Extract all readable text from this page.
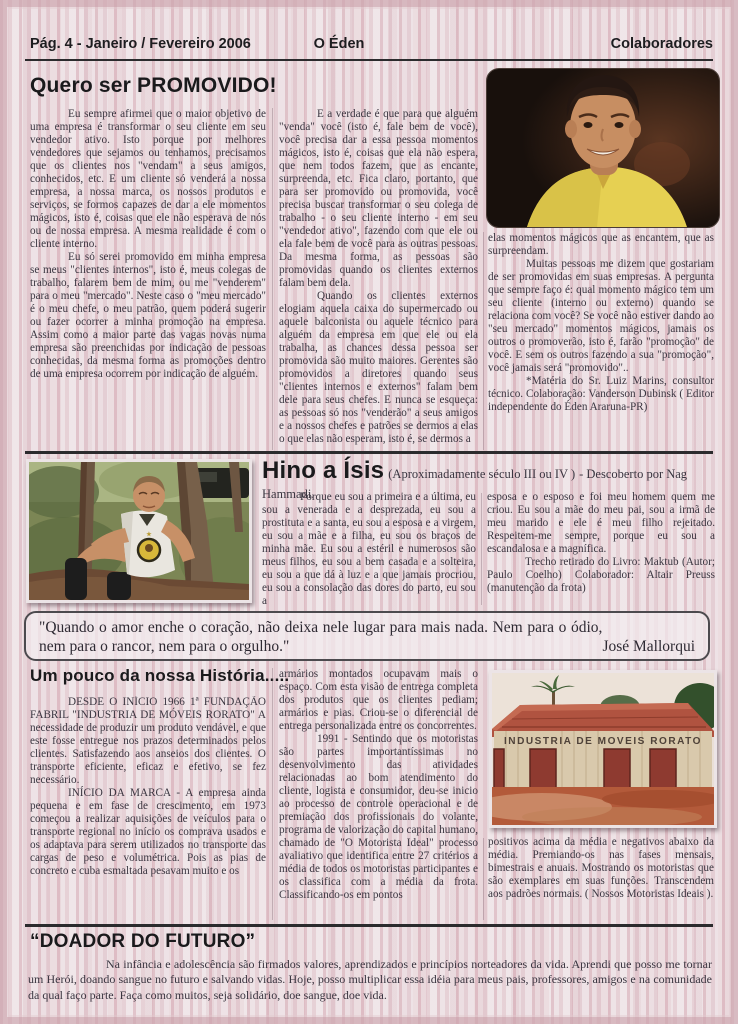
Pág. 4 - Janeiro / Fevereiro 2006	O Éden	Colaboradores
Quero ser PROMOVIDO!

Eu sempre afirmei que o maior objetivo de uma empresa é transformar o seu cliente em seu vendedor ativo. Isto porque por melhores vendedores que sejamos ou tenhamos, precisamos que os clientes nos "vendam" a seus amigos, conhecidos, etc. E um cliente só venderá a nossa empresa, a nossa marca, os nossos produtos e serviços, se formos capazes de dar a ele momentos mágicos, isto é, coisas que ele não esperava de nós ou de nossa empresa. A mesma realidade é com o cliente interno.

Eu só serei promovido em minha empresa se meus "clientes internos", isto é, meus colegas de trabalho, falarem bem de mim, ou me "venderem" para o meu "mercado". Neste caso o "meu mercado" é o meu chefe, o meu patrão, quem poderá sugerir ou fazer ocorrer a minha promoção na empresa. Assim como a maior parte das vagas novas numa empresa são preenchidas por indicação de pessoas conhecidas, da mesma forma as promoções dentro de uma empresa ocorrem por indicação de alguém.

E a verdade é que para que alguém "venda" você (isto é, fale bem de você), você precisa dar a essa pessoa momentos mágicos, isto é, coisas que ela não espera, que nem todos fazem, que as encante, surpreenda, etc. Fica claro, portanto, que para ser promovido ou promovida, você precisa buscar transformar o seu colega de trabalho - o seu cliente interno - em seu "vendedor ativo", fazendo com que ele ou ela fale bem de você para as outras pessoas. Da mesma forma, as pessoas são promovidas quando os clientes externos falam bem dela.

Quando os clientes externos elogiam aquela caixa do supermercado ou aquele balconista ou aquele técnico para alguém da empresa em que ele ou ela trabalha, as chances dessa pessoa ser promovida são muito maiores. Gerentes são promovidos a diretores quando seus "clientes internos e externos" falam bem dele para seus chefes. E nunca se esqueça: as pessoas só nos "venderão" a seus amigos e a nossos chefes e patrões se dermos a elas o que elas não esperam, isto é, se dermos a

elas momentos mágicos que as encantem, que as surpreendam.

Muitas pessoas me dizem que gostariam de ser promovidas em suas empresas. A pergunta que sempre faço é: qual momento mágico tem um seu cliente (interno ou externo) quando se relaciona com você? Se você não estiver dando ao "seu mercado" momentos mágicos, jamais os outros o promoverão, isto é, farão "promoção" de você. E sem os outros fazendo a sua "promoção", você jamais será "promovido"..

*Matéria do Sr. Luiz Marins, consultor técnico. Colaboração: Vanderson Dubinsk ( Editor independente do Éden Araruna-PR)

★
Hino a Ísis (Aproximadamente século III ou IV ) - Descoberto por Nag Hammadi.

Porque eu sou a primeira e a última, eu sou a venerada e a desprezada, eu sou a prostituta e a santa, eu sou a esposa e a virgem, eu sou a mãe e a filha, eu sou os braços de minha mãe. Eu sou a estéril e numerosos são meus filhos, eu sou a bem casada e a solteira, eu sou a que dá à luz e a que jamais procriou, eu sou a consolação das dores do parto, eu sou a

esposa e o esposo e foi meu homem quem me criou. Eu sou a mãe do meu pai, sou a irmã de meu marido e ele é meu filho rejeitado. Respeitem-me sempre, porque eu sou a escandalosa e a magnífica.

Trecho retirado do Livro: Maktub (Autor; Paulo Coelho) Colaborador: Altair Preuss (manutenção da frota)

José Mallorqui
"Quando o amor enche o coração, não deixa nele lugar para mais nada. Nem para o ódio, nem para o rancor, nem para o orgulho."
Um pouco da nossa História.....

DESDE O INÍCIO 1966 1ª FUNDAÇÃO FABRIL "INDUSTRIA DE MÓVEIS RORATO" A necessidade de produzir um produto vendável, e que este fosse entregue nos prazos determinados pelos clientes. Satisfazendo aos anseios dos clientes. O transporte eficiente, eficaz e efetivo, se fez necessário.

INÍCIO DA MARCA - A empresa ainda pequena e em fase de crescimento, em 1973 começou a realizar aquisições de veículos para o transporte regional no início os comprava usados e os adaptava para serem utilizados no transporte das cargas de peso e volumétrica. Pois as pias de concreto e cuba esmaltada pesavam muito e os

armários montados ocupavam mais o espaço. Com esta visão de entrega completa dos produtos que os clientes pediam; armários e pias. Criou-se o diferencial de entrega personalizada entre os concorrentes.

1991 - Sentindo que os motoristas são partes importantíssimas no desenvolvimento das atividades relacionadas ao bom atendimento do cliente, logista e consumidor, deu-se inicio ao processo de controle operacional e de premiação dos profissionais do volante, programa de valorização do capital humano, chamado de "O Motorista Ideal" processo avaliativo que identifica entre 27 critérios a média de todos os motoristas participantes e os classifica com a média da frota. Classificando-os em pontos

INDUSTRIA DE MOVEIS RORATO

positivos acima da média e negativos abaixo da média. Premiando-os nas fases mensais, bimestrais e anuais. Mostrando os motoristas que são exemplares em suas funções. Transcendem aos padrões normais. ( Nossos Motoristas Ideais ).

“DOADOR DO FUTURO”
Na infância e adolescência são firmados valores, aprendizados e princípios norteadores da vida. Aprendi que posso me tornar um Herói, doando sangue no futuro e salvando vidas. Hoje, posso multiplicar essa idéia para meus pais, professores, amigos e na comunidade da qual faço parte. Faça como muitos, seja solidário, doe sangue, doe vida.
